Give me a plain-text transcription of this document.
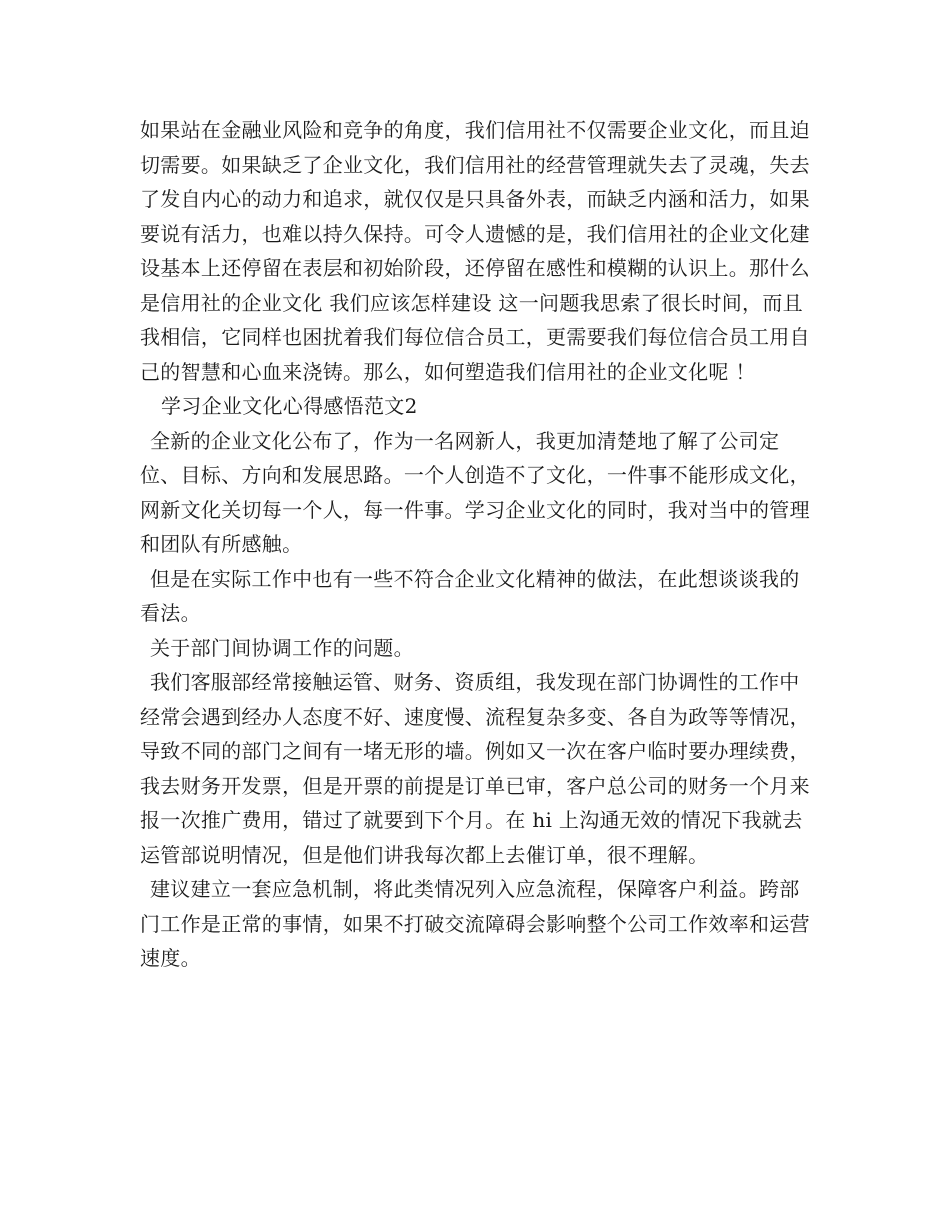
如果站在金融业风险和竞争的角度，我们信用社不仅需要企业文化，而且迫切需要。如果缺乏了企业文化，我们信用社的经营管理就失去了灵魂，失去了发自内心的动力和追求，就仅仅是只具备外表，而缺乏内涵和活力，如果要说有活力，也难以持久保持。可令人遗憾的是，我们信用社的企业文化建设基本上还停留在表层和初始阶段，还停留在感性和模糊的认识上。那什么是信用社的企业文化 我们应该怎样建设 这一问题我思索了很长时间，而且我相信，它同样也困扰着我们每位信合员工，更需要我们每位信合员工用自己的智慧和心血来浇铸。那么，如何塑造我们信用社的企业文化呢 ！

学习企业文化心得感悟范文2

全新的企业文化公布了，作为一名网新人，我更加清楚地了解了公司定位、目标、方向和发展思路。一个人创造不了文化，一件事不能形成文化，网新文化关切每一个人，每一件事。学习企业文化的同时，我对当中的管理和团队有所感触。

但是在实际工作中也有一些不符合企业文化精神的做法，在此想谈谈我的看法。

关于部门间协调工作的问题。

我们客服部经常接触运管、财务、资质组，我发现在部门协调性的工作中经常会遇到经办人态度不好、速度慢、流程复杂多变、各自为政等等情况，导致不同的部门之间有一堵无形的墙。例如又一次在客户临时要办理续费，我去财务开发票，但是开票的前提是订单已审，客户总公司的财务一个月来报一次推广费用，错过了就要到下个月。在 hi 上沟通无效的情况下我就去运管部说明情况，但是他们讲我每次都上去催订单，很不理解。

建议建立一套应急机制，将此类情况列入应急流程，保障客户利益。跨部门工作是正常的事情，如果不打破交流障碍会影响整个公司工作效率和运营速度。
